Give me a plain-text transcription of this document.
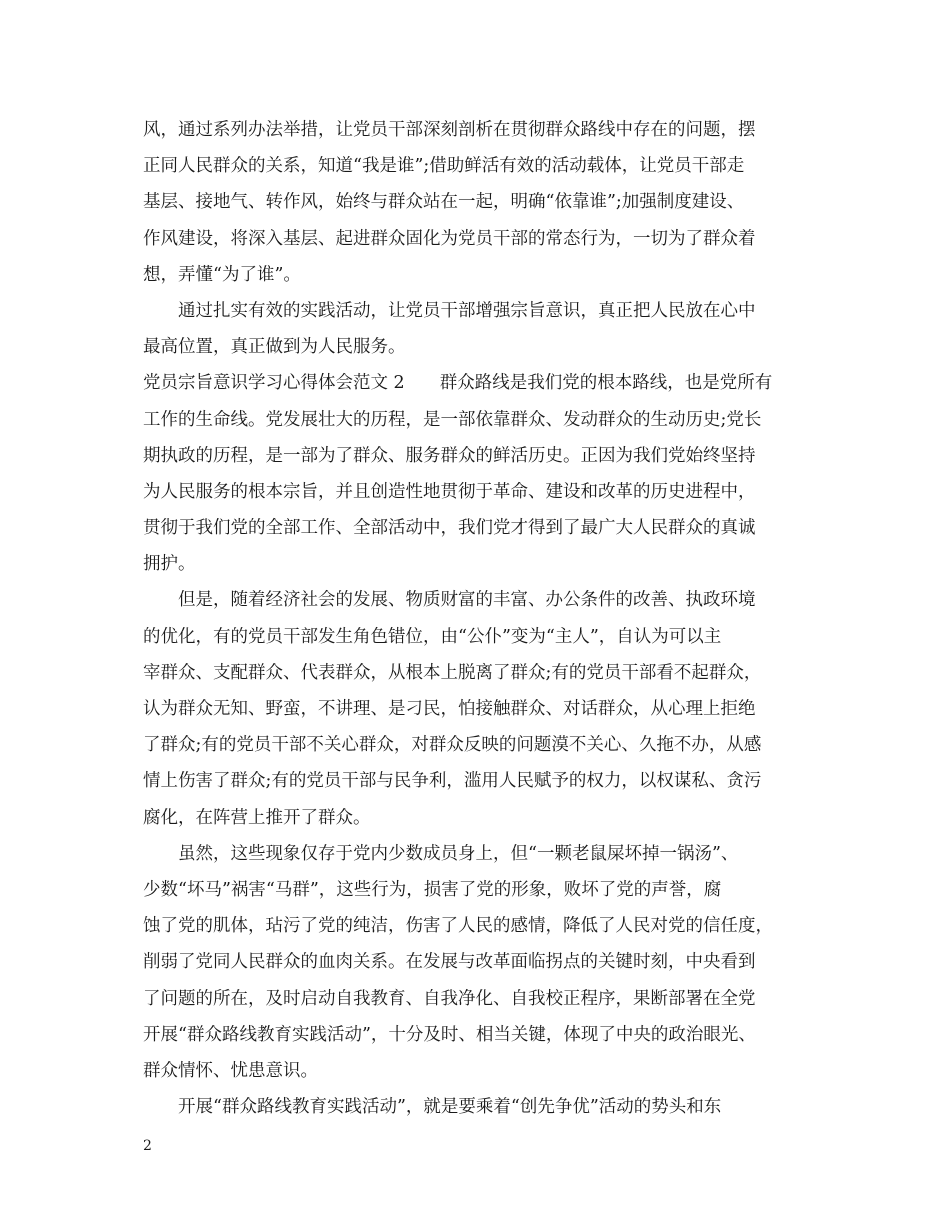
风，通过系列办法举措，让党员干部深刻剖析在贯彻群众路线中存在的问题，摆
正同人民群众的关系，知道“我是谁”;借助鲜活有效的活动载体，让党员干部走
基层、接地气、转作风，始终与群众站在一起，明确“依靠谁”;加强制度建设、
作风建设，将深入基层、起进群众固化为党员干部的常态行为，一切为了群众着
想，弄懂“为了谁”。
通过扎实有效的实践活动，让党员干部增强宗旨意识，真正把人民放在心中
最高位置，真正做到为人民服务。
党员宗旨意识学习心得体会范文 2　　群众路线是我们党的根本路线，也是党所有
工作的生命线。党发展壮大的历程，是一部依靠群众、发动群众的生动历史;党长
期执政的历程，是一部为了群众、服务群众的鲜活历史。正因为我们党始终坚持
为人民服务的根本宗旨，并且创造性地贯彻于革命、建设和改革的历史进程中，
贯彻于我们党的全部工作、全部活动中，我们党才得到了最广大人民群众的真诚
拥护。
但是，随着经济社会的发展、物质财富的丰富、办公条件的改善、执政环境
的优化，有的党员干部发生角色错位，由“公仆”变为“主人”，自认为可以主
宰群众、支配群众、代表群众，从根本上脱离了群众;有的党员干部看不起群众，
认为群众无知、野蛮，不讲理、是刁民，怕接触群众、对话群众，从心理上拒绝
了群众;有的党员干部不关心群众，对群众反映的问题漠不关心、久拖不办，从感
情上伤害了群众;有的党员干部与民争利，滥用人民赋予的权力，以权谋私、贪污
腐化，在阵营上推开了群众。
虽然，这些现象仅存于党内少数成员身上，但“一颗老鼠屎坏掉一锅汤”、
少数“坏马”祸害“马群”，这些行为，损害了党的形象，败坏了党的声誉，腐
蚀了党的肌体，玷污了党的纯洁，伤害了人民的感情，降低了人民对党的信任度，
削弱了党同人民群众的血肉关系。在发展与改革面临拐点的关键时刻，中央看到
了问题的所在，及时启动自我教育、自我净化、自我校正程序，果断部署在全党
开展“群众路线教育实践活动”，十分及时、相当关键，体现了中央的政治眼光、
群众情怀、忧患意识。
开展“群众路线教育实践活动”，就是要乘着“创先争优”活动的势头和东
2
